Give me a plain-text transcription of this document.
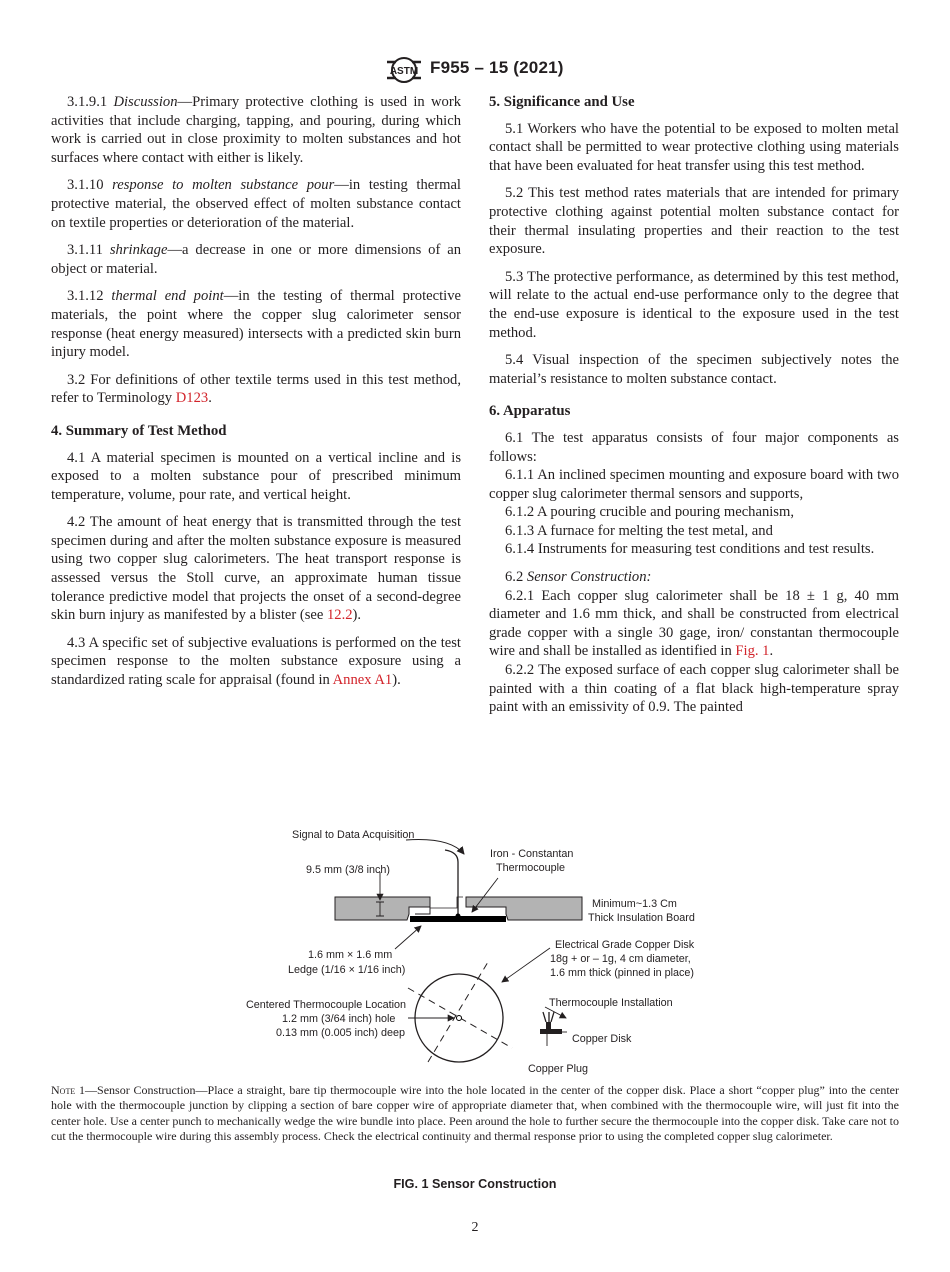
ASTM F955 – 15 (2021)

3.1.9.1 Discussion—Primary protective clothing is used in work activities that include charging, tapping, and pouring, during which work is carried out in close proximity to molten substances and hot surfaces where contact with either is likely.

3.1.10 response to molten substance pour—in testing thermal protective material, the observed effect of molten substance contact on textile properties or deterioration of the material.

3.1.11 shrinkage—a decrease in one or more dimensions of an object or material.

3.1.12 thermal end point—in the testing of thermal protective materials, the point where the copper slug calorimeter sensor response (heat energy measured) intersects with a predicted skin burn injury model.

3.2 For definitions of other textile terms used in this test method, refer to Terminology D123.

4. Summary of Test Method

4.1 A material specimen is mounted on a vertical incline and is exposed to a molten substance pour of prescribed minimum temperature, volume, pour rate, and vertical height.

4.2 The amount of heat energy that is transmitted through the test specimen during and after the molten substance exposure is measured using two copper slug calorimeters. The heat transport response is assessed versus the Stoll curve, an approximate human tissue tolerance predictive model that projects the onset of a second-degree skin burn injury as manifested by a blister (see 12.2).

4.3 A specific set of subjective evaluations is performed on the test specimen response to the molten substance exposure using a standardized rating scale for appraisal (found in Annex A1).

5. Significance and Use

5.1 Workers who have the potential to be exposed to molten metal contact shall be permitted to wear protective clothing using materials that have been evaluated for heat transfer using this test method.

5.2 This test method rates materials that are intended for primary protective clothing against potential molten substance contact for their thermal insulating properties and their reaction to the test exposure.

5.3 The protective performance, as determined by this test method, will relate to the actual end-use performance only to the degree that the end-use exposure is identical to the exposure used in the test method.

5.4 Visual inspection of the specimen subjectively notes the material’s resistance to molten substance contact.

6. Apparatus

6.1 The test apparatus consists of four major components as follows:

6.1.1 An inclined specimen mounting and exposure board with two copper slug calorimeter thermal sensors and supports,

6.1.2 A pouring crucible and pouring mechanism,

6.1.3 A furnace for melting the test metal, and

6.1.4 Instruments for measuring test conditions and test results.

6.2 Sensor Construction:

6.2.1 Each copper slug calorimeter shall be 18 ± 1 g, 40 mm diameter and 1.6 mm thick, and shall be constructed from electrical grade copper with a single 30 gage, iron/ constantan thermocouple wire and shall be installed as identified in Fig. 1.

6.2.2 The exposed surface of each copper slug calorimeter shall be painted with a thin coating of a flat black high-temperature spray paint with an emissivity of 0.9. The painted

Signal to Data Acquisition
Iron - Constantan
Thermocouple
9.5 mm (3/8 inch)
Minimum~1.3 Cm
Thick Insulation Board
1.6 mm × 1.6 mm
Ledge (1/16 × 1/16 inch)
Electrical Grade Copper Disk
18g + or – 1g, 4 cm diameter,
1.6 mm thick (pinned in place)
Centered Thermocouple Location
1.2 mm (3/64 inch) hole
0.13 mm (0.005 inch) deep
Thermocouple Installation
Copper Disk
Copper Plug
Note 1—Sensor Construction—Place a straight, bare tip thermocouple wire into the hole located in the center of the copper disk. Place a short “copper plug” into the center hole with the thermocouple junction by clipping a section of bare copper wire of appropriate diameter that, when combined with the thermocouple wire, will just fit into the center hole. Use a center punch to mechanically wedge the wire bundle into place. Peen around the hole to further secure the thermocouple into the copper disk. Take care not to cut the thermocouple wire during this assembly process. Check the electrical continuity and thermal response prior to using the completed copper slug calorimeter.
FIG. 1 Sensor Construction
2
